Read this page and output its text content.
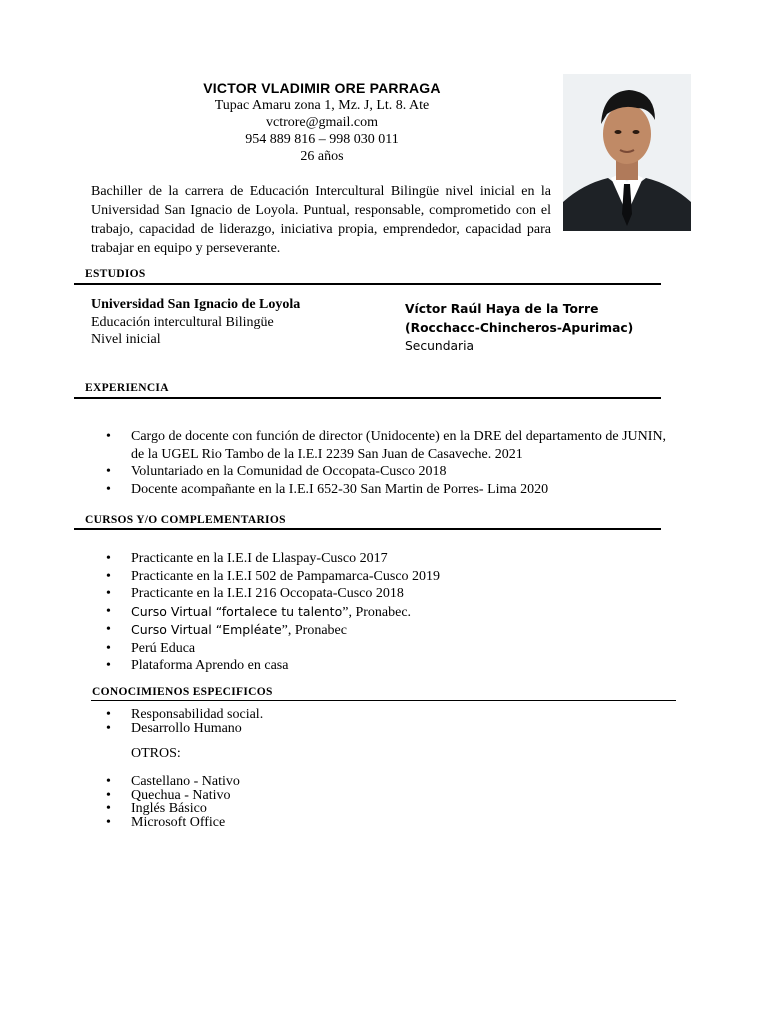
VICTOR VLADIMIR ORE PARRAGA
Tupac Amaru zona 1, Mz. J, Lt. 8. Ate
vctrore@gmail.com
954 889 816 – 998 030 011
26 años
Bachiller de la carrera de Educación Intercultural Bilingüe nivel inicial en la Universidad San Ignacio de Loyola. Puntual, responsable, comprometido con el trabajo, capacidad de liderazgo, iniciativa propia, emprendedor, capacidad para trabajar en equipo y perseverante.
ESTUDIOS
Universidad San Ignacio de Loyola
Educación intercultural Bilingüe
Nivel inicial
Víctor Raúl Haya de la Torre (Rocchacc-Chincheros-Apurimac)
Secundaria
EXPERIENCIA
• Cargo de docente con función de director (Unidocente) en la DRE del departamento de JUNIN, de la UGEL Rio Tambo de la I.E.I 2239 San Juan de Casaveche. 2021
• Voluntariado en la Comunidad de Occopata-Cusco 2018
• Docente acompañante en la I.E.I 652-30 San Martin de Porres- Lima 2020
CURSOS Y/O COMPLEMENTARIOS
• Practicante en la I.E.I de Llaspay-Cusco 2017
• Practicante en la I.E.I 502 de Pampamarca-Cusco 2019
• Practicante en la I.E.I 216 Occopata-Cusco 2018
• Curso Virtual “fortalece tu talento”, Pronabec.
• Curso Virtual “Empléate”, Pronabec
• Perú Educa
• Plataforma Aprendo en casa
CONOCIMIENOS ESPECIFICOS
• Responsabilidad social.
• Desarrollo Humano
OTROS:
• Castellano - Nativo
• Quechua - Nativo
• Inglés Básico
• Microsoft Office
